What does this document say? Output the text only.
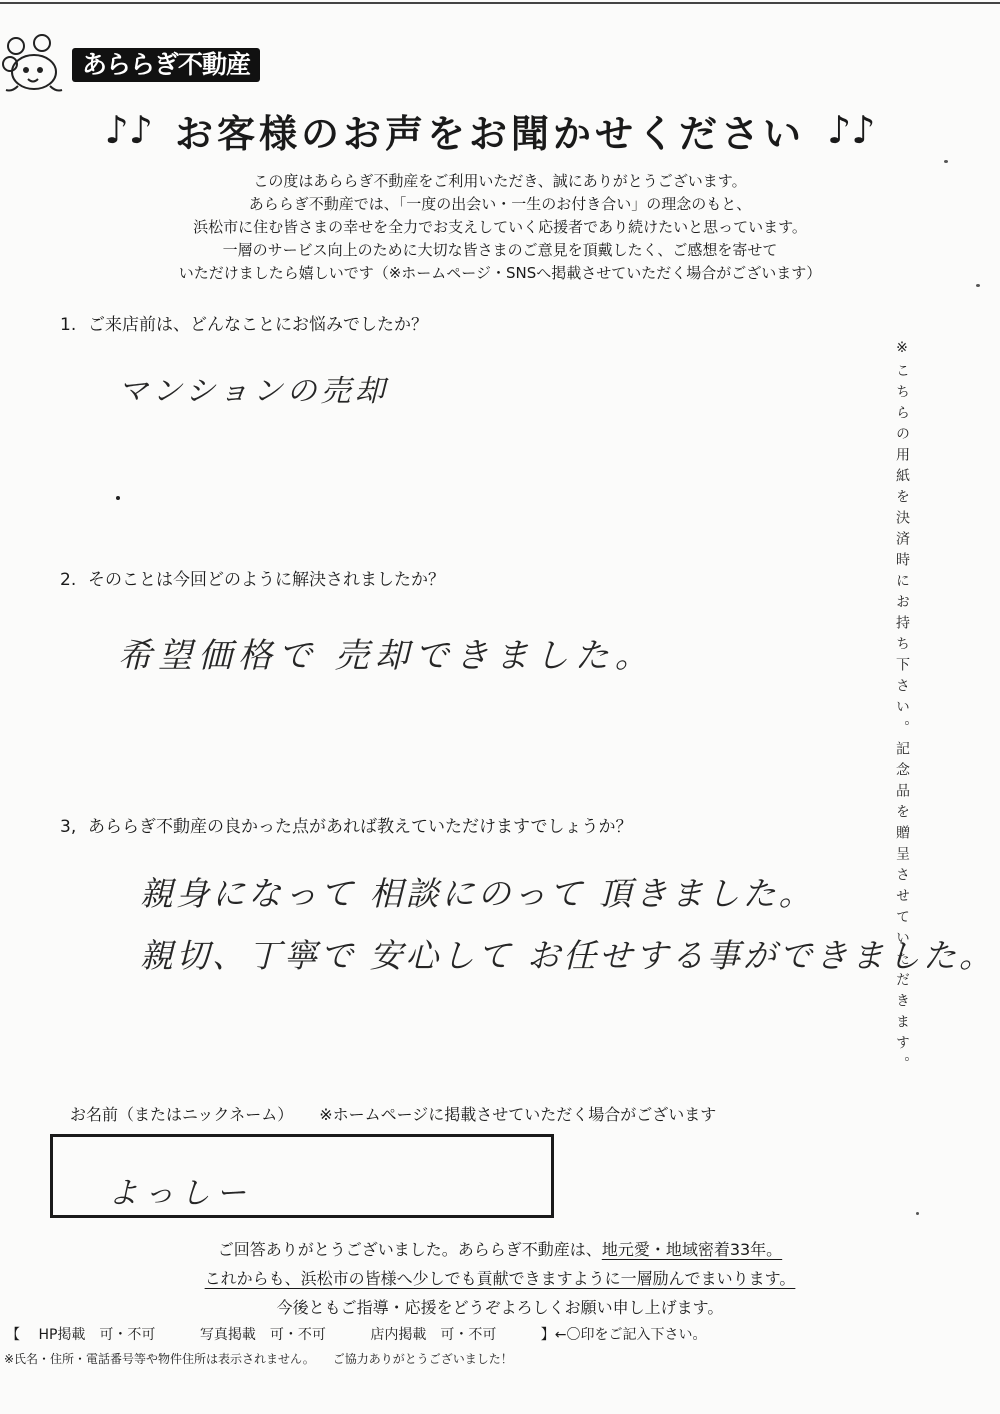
あららぎ不動産
♪♪ お客様のお声をお聞かせください ♪♪
この度はあららぎ不動産をご利用いただき、誠にありがとうございます。
あららぎ不動産では、「一度の出会い・一生のお付き合い」の理念のもと、
浜松市に住む皆さまの幸せを全力でお支えしていく応援者であり続けたいと思っています。
一層のサービス向上のために大切な皆さまのご意見を頂戴したく、ご感想を寄せて
いただけましたら嬉しいです（※ホームページ・SNSへ掲載させていただく場合がございます）
1. ご来店前は、どんなことにお悩みでしたか？
マンションの売却
2. そのことは今回どのように解決されましたか？
希望価格で 売却できました。
3, あららぎ不動産の良かった点があれば教えていただけますでしょうか？
親身になって 相談にのって 頂きました。
親切、丁寧で 安心して お任せする事ができました。
※こちらの用紙を決済時にお持ち下さい。記念品を贈呈させていただきます。
お名前（またはニックネーム） ※ホームページに掲載させていただく場合がございます
よっしー
ご回答ありがとうございました。あららぎ不動産は、地元愛・地域密着33年。
これからも、浜松市の皆様へ少しでも貢献できますように一層励んでまいります。
今後ともご指導・応援をどうぞよろしくお願い申し上げます。
【 HP掲載　可・不可	写真掲載　可・不可	店内掲載　可・不可	】←〇印をご記入下さい。
※氏名・住所・電話番号等や物件住所は表示されません。 ご協力ありがとうございました！
